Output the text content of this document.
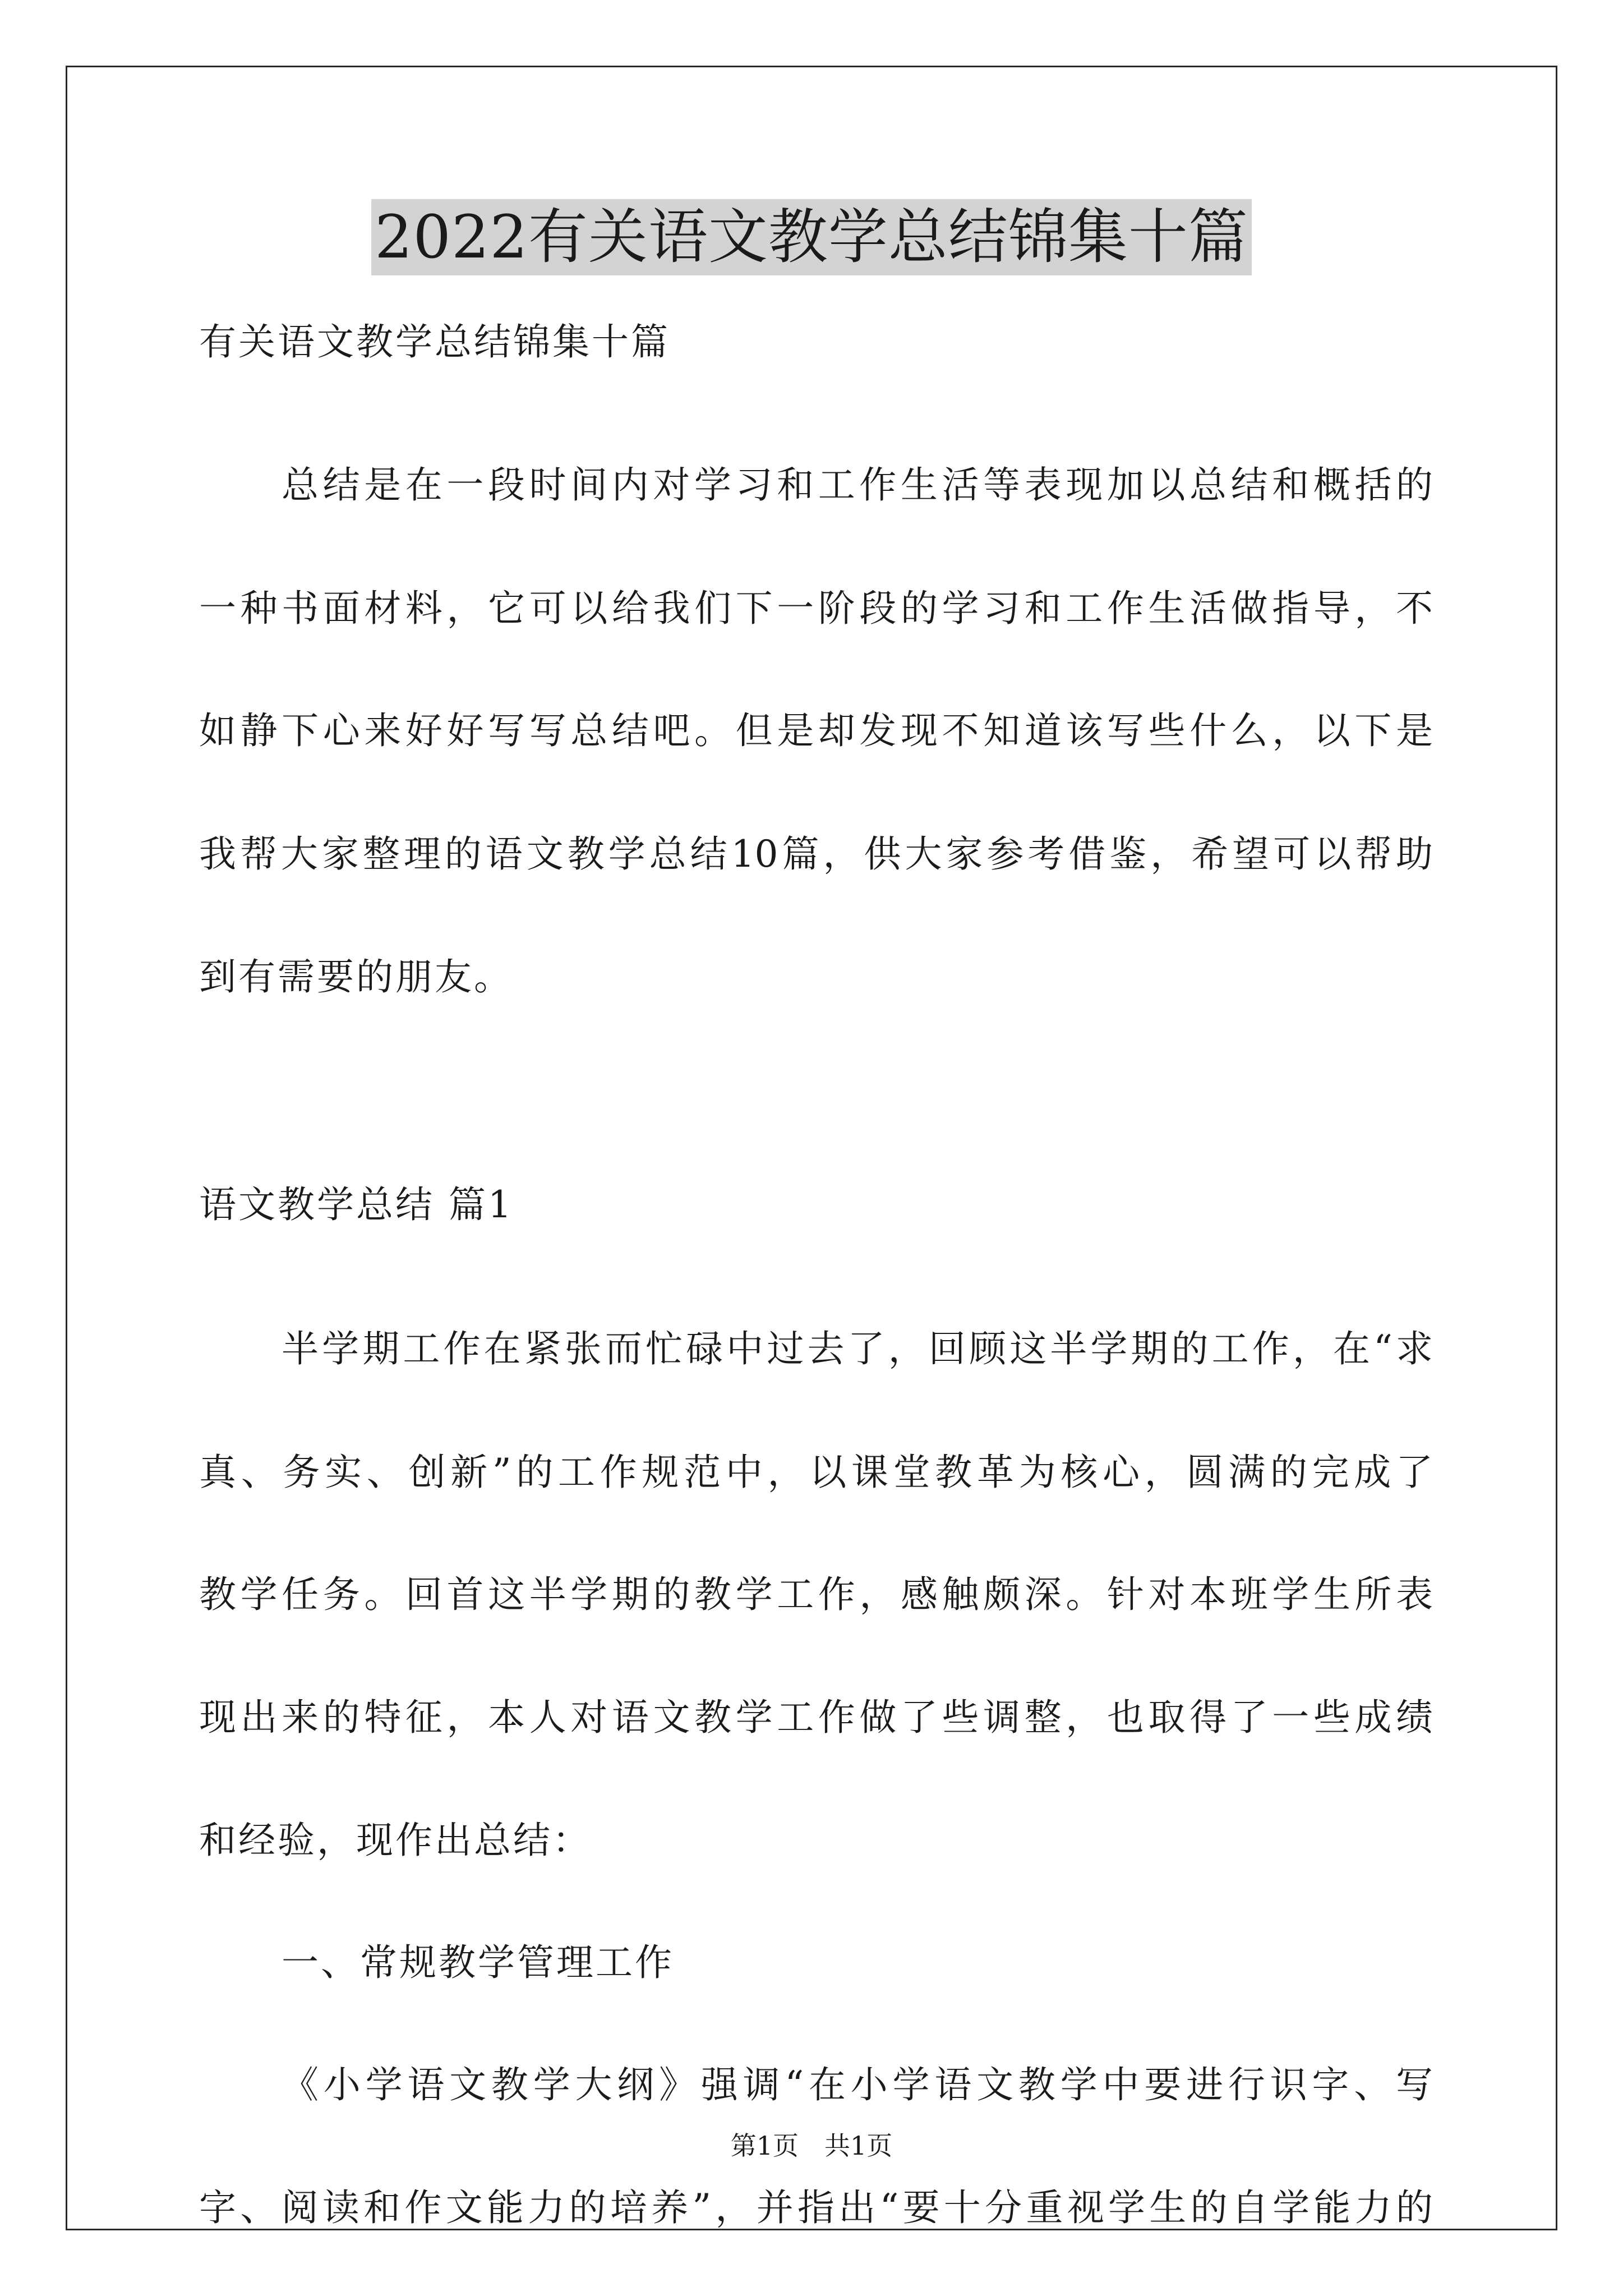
2022有关语文教学总结锦集十篇
有关语文教学总结锦集十篇
总结是在一段时间内对学习和工作生活等表现加以总结和概括的
一种书面材料，它可以给我们下一阶段的学习和工作生活做指导，不
如静下心来好好写写总结吧。但是却发现不知道该写些什么，以下是
我帮大家整理的语文教学总结10篇，供大家参考借鉴，希望可以帮助
到有需要的朋友。
语文教学总结 篇1
半学期工作在紧张而忙碌中过去了，回顾这半学期的工作，在“求
真、务实、创新”的工作规范中，以课堂教革为核心，圆满的完成了
教学任务。回首这半学期的教学工作，感触颇深。针对本班学生所表
现出来的特征，本人对语文教学工作做了些调整，也取得了一些成绩
和经验，现作出总结：
一、常规教学管理工作
《小学语文教学大纲》强调“在小学语文教学中要进行识字、写
字、阅读和作文能力的培养”，并指出“要十分重视学生的自学能力的
第1页　共1页
